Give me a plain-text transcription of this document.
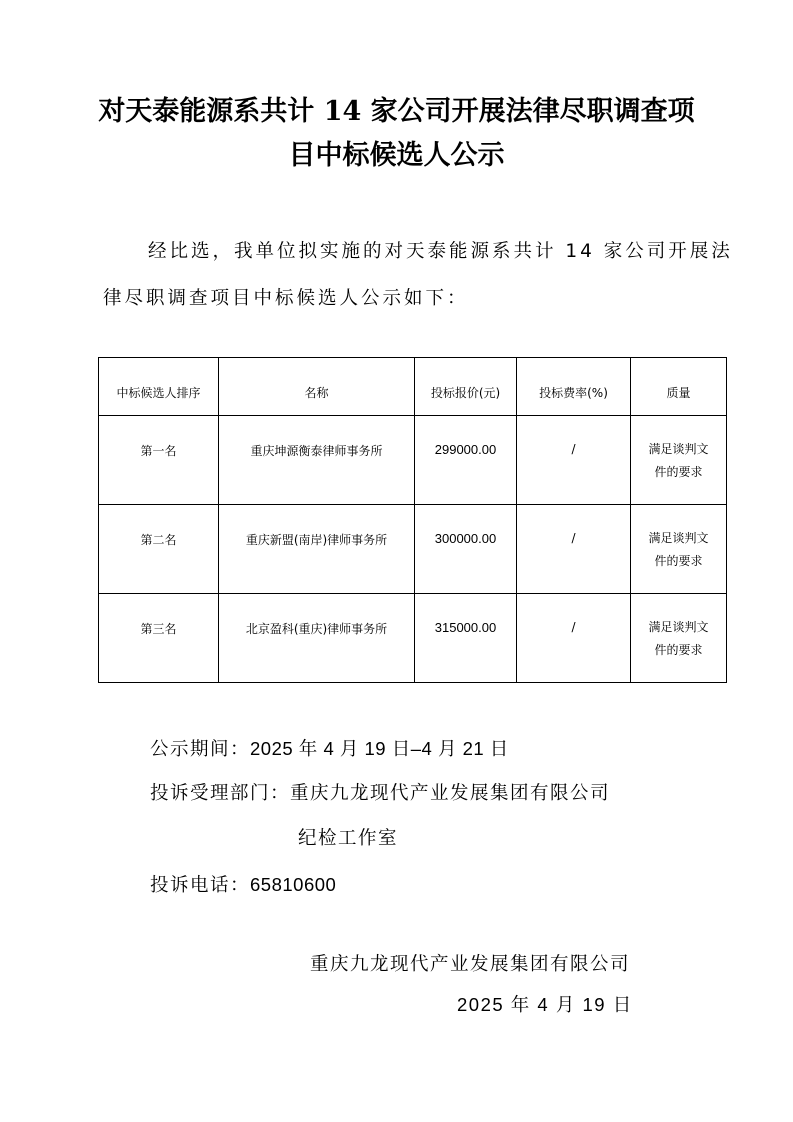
对天泰能源系共计 14 家公司开展法律尽职调查项
目中标候选人公示
经比选，我单位拟实施的对天泰能源系共计 14 家公司开展法
律尽职调查项目中标候选人公示如下：
中标候选人排序	名称	投标报价(元)	投标费率(%)	质量
第一名	重庆坤源衡泰律师事务所	299000.00	/	满足谈判文
件的要求

第二名	重庆新盟(南岸)律师事务所	300000.00	/	满足谈判文
件的要求

第三名	北京盈科(重庆)律师事务所	315000.00	/	满足谈判文
件的要求
公示期间：2025 年 4 月 19 日–4 月 21 日
投诉受理部门：重庆九龙现代产业发展集团有限公司
纪检工作室
投诉电话：65810600
重庆九龙现代产业发展集团有限公司
2025 年 4 月 19 日
